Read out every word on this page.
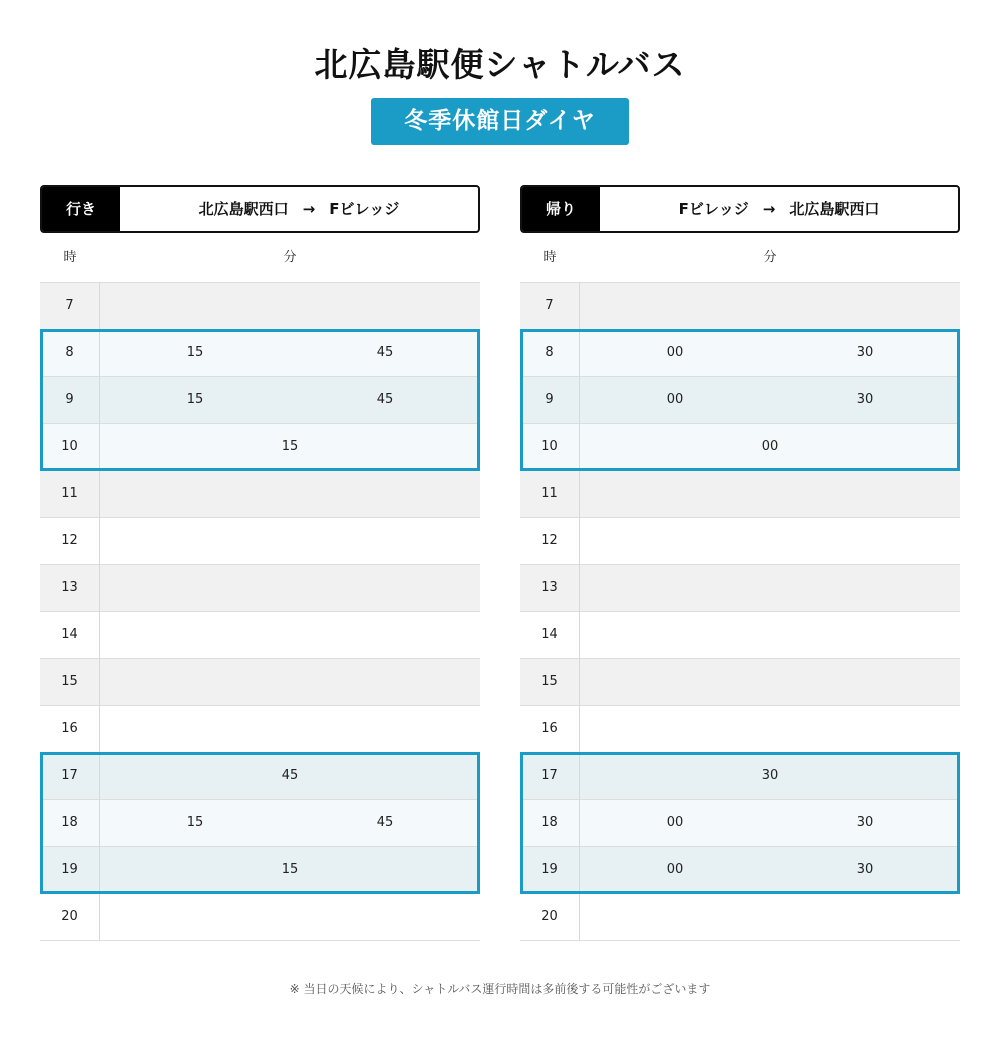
北広島駅便シャトルバス
冬季休館日ダイヤ
行き	北広島駅西口 → Fビレッジ
時	分
7
8	15	45
9	15	45
10	15
11
12
13
14
15
16
17	45
18	15	45
19	15
20
帰り	Fビレッジ → 北広島駅西口
時	分
7
8	00	30
9	00	30
10	00
11
12
13
14
15
16
17	30
18	00	30
19	00	30
20
※ 当日の天候により、シャトルバス運行時間は多前後する可能性がございます
